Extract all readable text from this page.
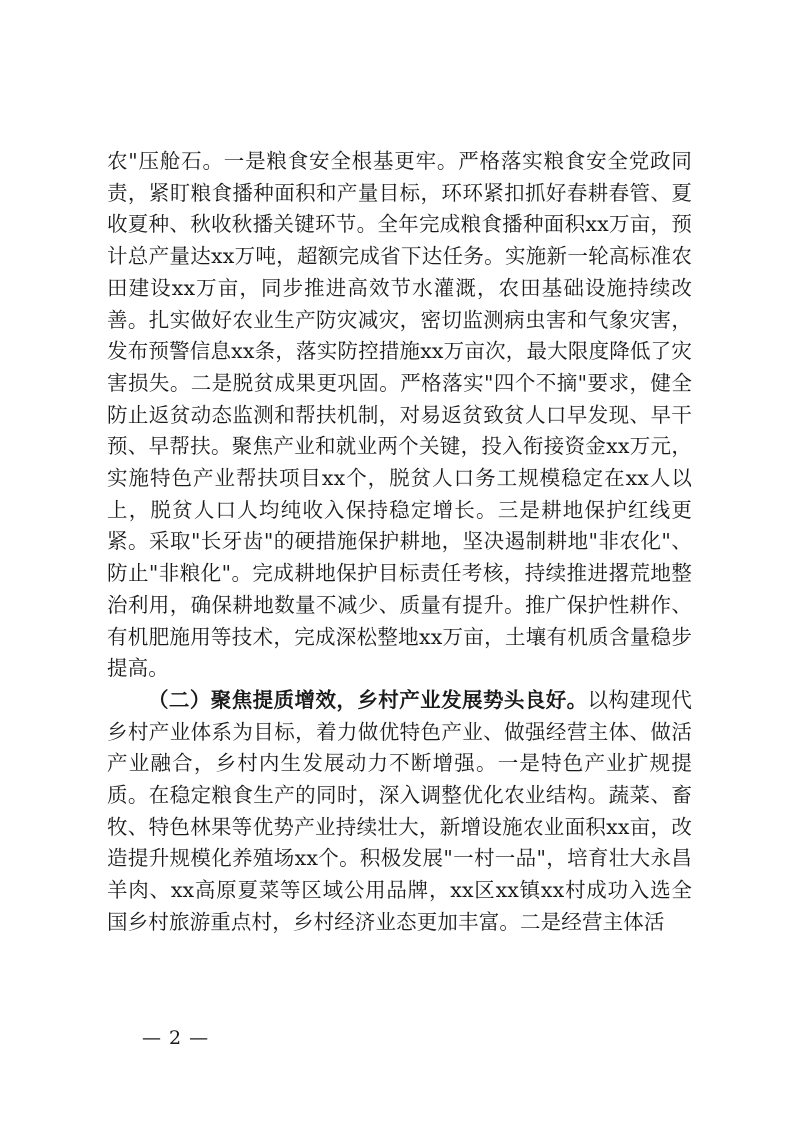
农"压舱石。一是粮食安全根基更牢。严格落实粮食安全党政同责，紧盯粮食播种面积和产量目标，环环紧扣抓好春耕春管、夏收夏种、秋收秋播关键环节。全年完成粮食播种面积xx万亩，预计总产量达xx万吨，超额完成省下达任务。实施新一轮高标准农田建设xx万亩，同步推进高效节水灌溉，农田基础设施持续改善。扎实做好农业生产防灾减灾，密切监测病虫害和气象灾害，发布预警信息xx条，落实防控措施xx万亩次，最大限度降低了灾害损失。二是脱贫成果更巩固。严格落实"四个不摘"要求，健全防止返贫动态监测和帮扶机制，对易返贫致贫人口早发现、早干预、早帮扶。聚焦产业和就业两个关键，投入衔接资金xx万元，实施特色产业帮扶项目xx个，脱贫人口务工规模稳定在xx人以上，脱贫人口人均纯收入保持稳定增长。三是耕地保护红线更紧。采取"长牙齿"的硬措施保护耕地，坚决遏制耕地"非农化"、防止"非粮化"。完成耕地保护目标责任考核，持续推进撂荒地整治利用，确保耕地数量不减少、质量有提升。推广保护性耕作、有机肥施用等技术，完成深松整地xx万亩，土壤有机质含量稳步提高。

（二）聚焦提质增效，乡村产业发展势头良好。以构建现代乡村产业体系为目标，着力做优特色产业、做强经营主体、做活产业融合，乡村内生发展动力不断增强。一是特色产业扩规提质。在稳定粮食生产的同时，深入调整优化农业结构。蔬菜、畜牧、特色林果等优势产业持续壮大，新增设施农业面积xx亩，改造提升规模化养殖场xx个。积极发展"一村一品"，培育壮大永昌羊肉、xx高原夏菜等区域公用品牌，xx区xx镇xx村成功入选全国乡村旅游重点村，乡村经济业态更加丰富。二是经营主体活

— 2 —
